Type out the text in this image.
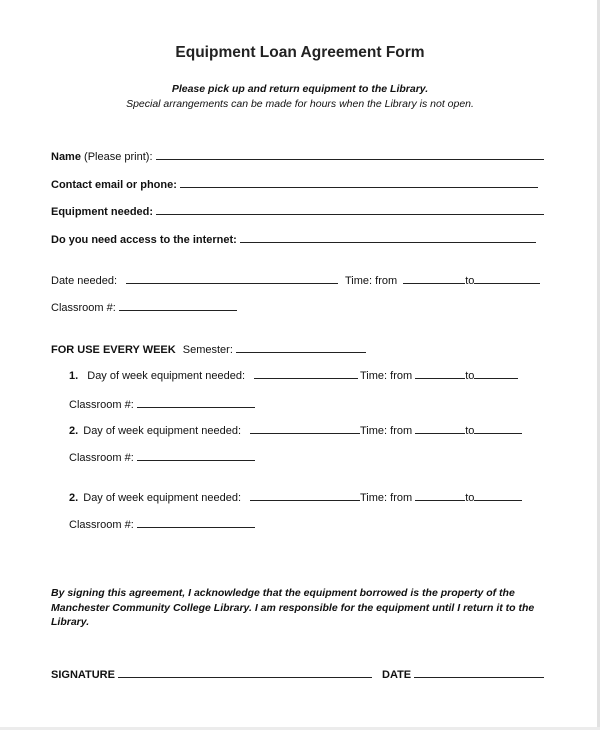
Equipment Loan Agreement Form
Please pick up and return equipment to the Library.
Special arrangements can be made for hours when the Library is not open.
Name (Please print):
Contact email or phone:
Equipment needed:
Do you need access to the internet:
Date needed:	Time: from	to
Classroom #:
FOR USE EVERY WEEK Semester:
1. Day of week equipment needed:	Time: from	to
Classroom #:
2. Day of week equipment needed:	Time: from	to
Classroom #:
2. Day of week equipment needed:	Time: from	to
Classroom #:
By signing this agreement, I acknowledge that the equipment borrowed is the property of the Manchester Community College Library. I am responsible for the equipment until I return it to the Library.
SIGNATURE	DATE
